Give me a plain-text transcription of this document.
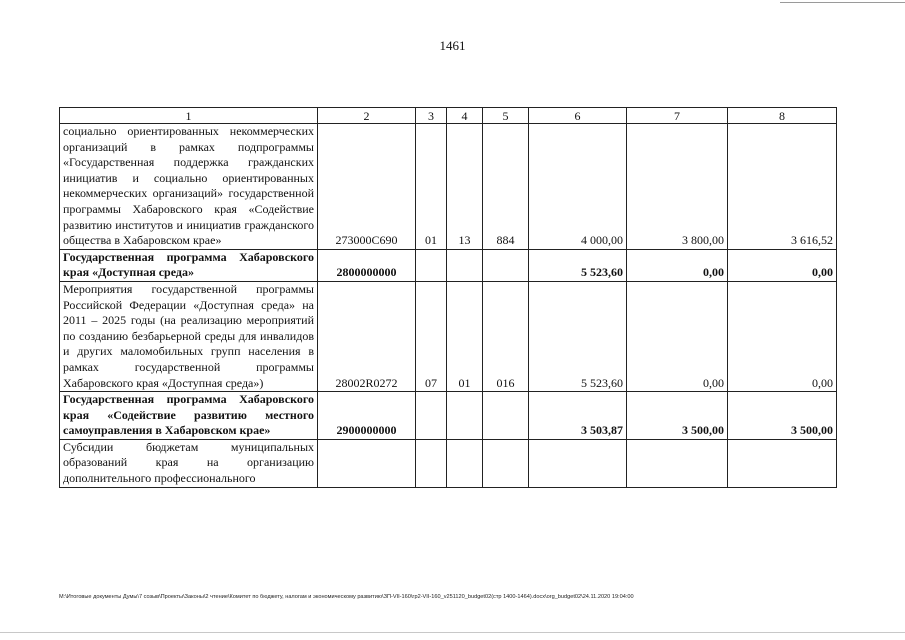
1461
1	2	3	4	5	6	7	8
социально ориентированных некоммерческих организаций в рамках подпрограммы «Государственная поддержка гражданских инициатив и социально ориентированных некоммерческих организаций» государственной программы Хабаровского края «Содействие развитию институтов и инициатив гражданского общества в Хабаровском крае»	273000С690	01	13	884	4 000,00	3 800,00	3 616,52
Государственная программа Хабаровского края «Доступная среда»	2800000000				5 523,60	0,00	0,00
Мероприятия государственной программы Российской Федерации «Доступная среда» на 2011 – 2025 годы (на реализацию мероприятий по созданию безбарьерной среды для инвалидов и других маломобильных групп населения в рамках государственной программы Хабаровского края «Доступная среда»)	28002R0272	07	01	016	5 523,60	0,00	0,00
Государственная программа Хабаровского края «Содействие развитию местного самоуправления в Хабаровском крае»	2900000000				3 503,87	3 500,00	3 500,00
Субсидии бюджетам муниципальных образований края на организацию дополнительного профессионального							
М:\Итоговые документы Думы\7 созыв\Проекты\Законы\2 чтение\Комитет по бюджету, налогам и экономическому развитию\ЗП-VII-160\гр2-VII-160_v251120_budget02(стр 1400-1464).docx\org_budget02\24.11.2020 19:04:00
